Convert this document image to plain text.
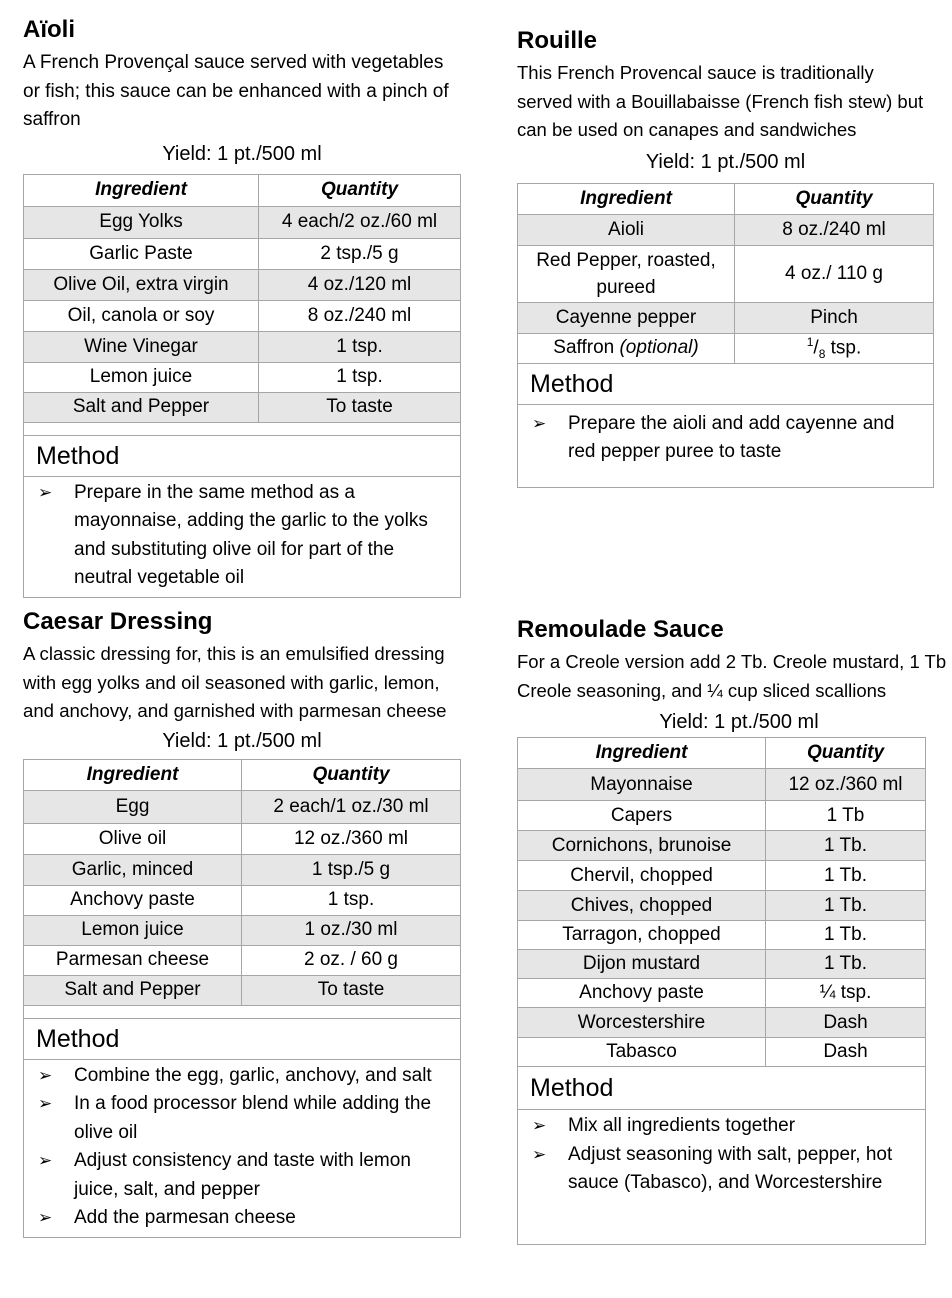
Aïoli

A French Provençal sauce served with vegetables or fish; this sauce can be enhanced with a pinch of saffron

Yield: 1 pt./500 ml

Ingredient	Quantity
Egg Yolks	4 each/2 oz./60 ml
Garlic Paste	2 tsp./5 g
Olive Oil, extra virgin	4 oz./120 ml
Oil, canola or soy	8 oz./240 ml
Wine Vinegar	1 tsp.
Lemon juice	1 tsp.
Salt and Pepper	To taste
Method
➢ Prepare in the same method as a mayonnaise, adding the garlic to the yolks and substituting olive oil for part of the neutral vegetable oil
Rouille

This French Provencal sauce is traditionally served with a Bouillabaisse (French fish stew) but can be used on canapes and sandwiches

Yield: 1 pt./500 ml

Ingredient	Quantity
Aioli	8 oz./240 ml
Red Pepper, roasted, pureed	4 oz./ 110 g
Cayenne pepper	Pinch
Saffron (optional)	$^1/_8$ tsp.
Method
➢ Prepare the aioli and add cayenne and red pepper puree to taste
Caesar Dressing

A classic dressing for, this is an emulsified dressing with egg yolks and oil seasoned with garlic, lemon, and anchovy, and garnished with parmesan cheese

Yield: 1 pt./500 ml

Ingredient	Quantity
Egg	2 each/1 oz./30 ml
Olive oil	12 oz./360 ml
Garlic, minced	1 tsp./5 g
Anchovy paste	1 tsp.
Lemon juice	1 oz./30 ml
Parmesan cheese	2 oz. / 60 g
Salt and Pepper	To taste
Method
➢ Combine the egg, garlic, anchovy, and salt
➢ In a food processor blend while adding the olive oil
➢ Adjust consistency and taste with lemon juice, salt, and pepper
➢ Add the parmesan cheese
Remoulade Sauce

For a Creole version add 2 Tb. Creole mustard, 1 Tb Creole seasoning, and ¼ cup sliced scallions

Yield: 1 pt./500 ml

Ingredient	Quantity
Mayonnaise	12 oz./360 ml
Capers	1 Tb
Cornichons, brunoise	1 Tb.
Chervil, chopped	1 Tb.
Chives, chopped	1 Tb.
Tarragon, chopped	1 Tb.
Dijon mustard	1 Tb.
Anchovy paste	¼ tsp.
Worcestershire	Dash
Tabasco	Dash
Method
➢ Mix all ingredients together
➢ Adjust seasoning with salt, pepper, hot sauce (Tabasco), and Worcestershire
